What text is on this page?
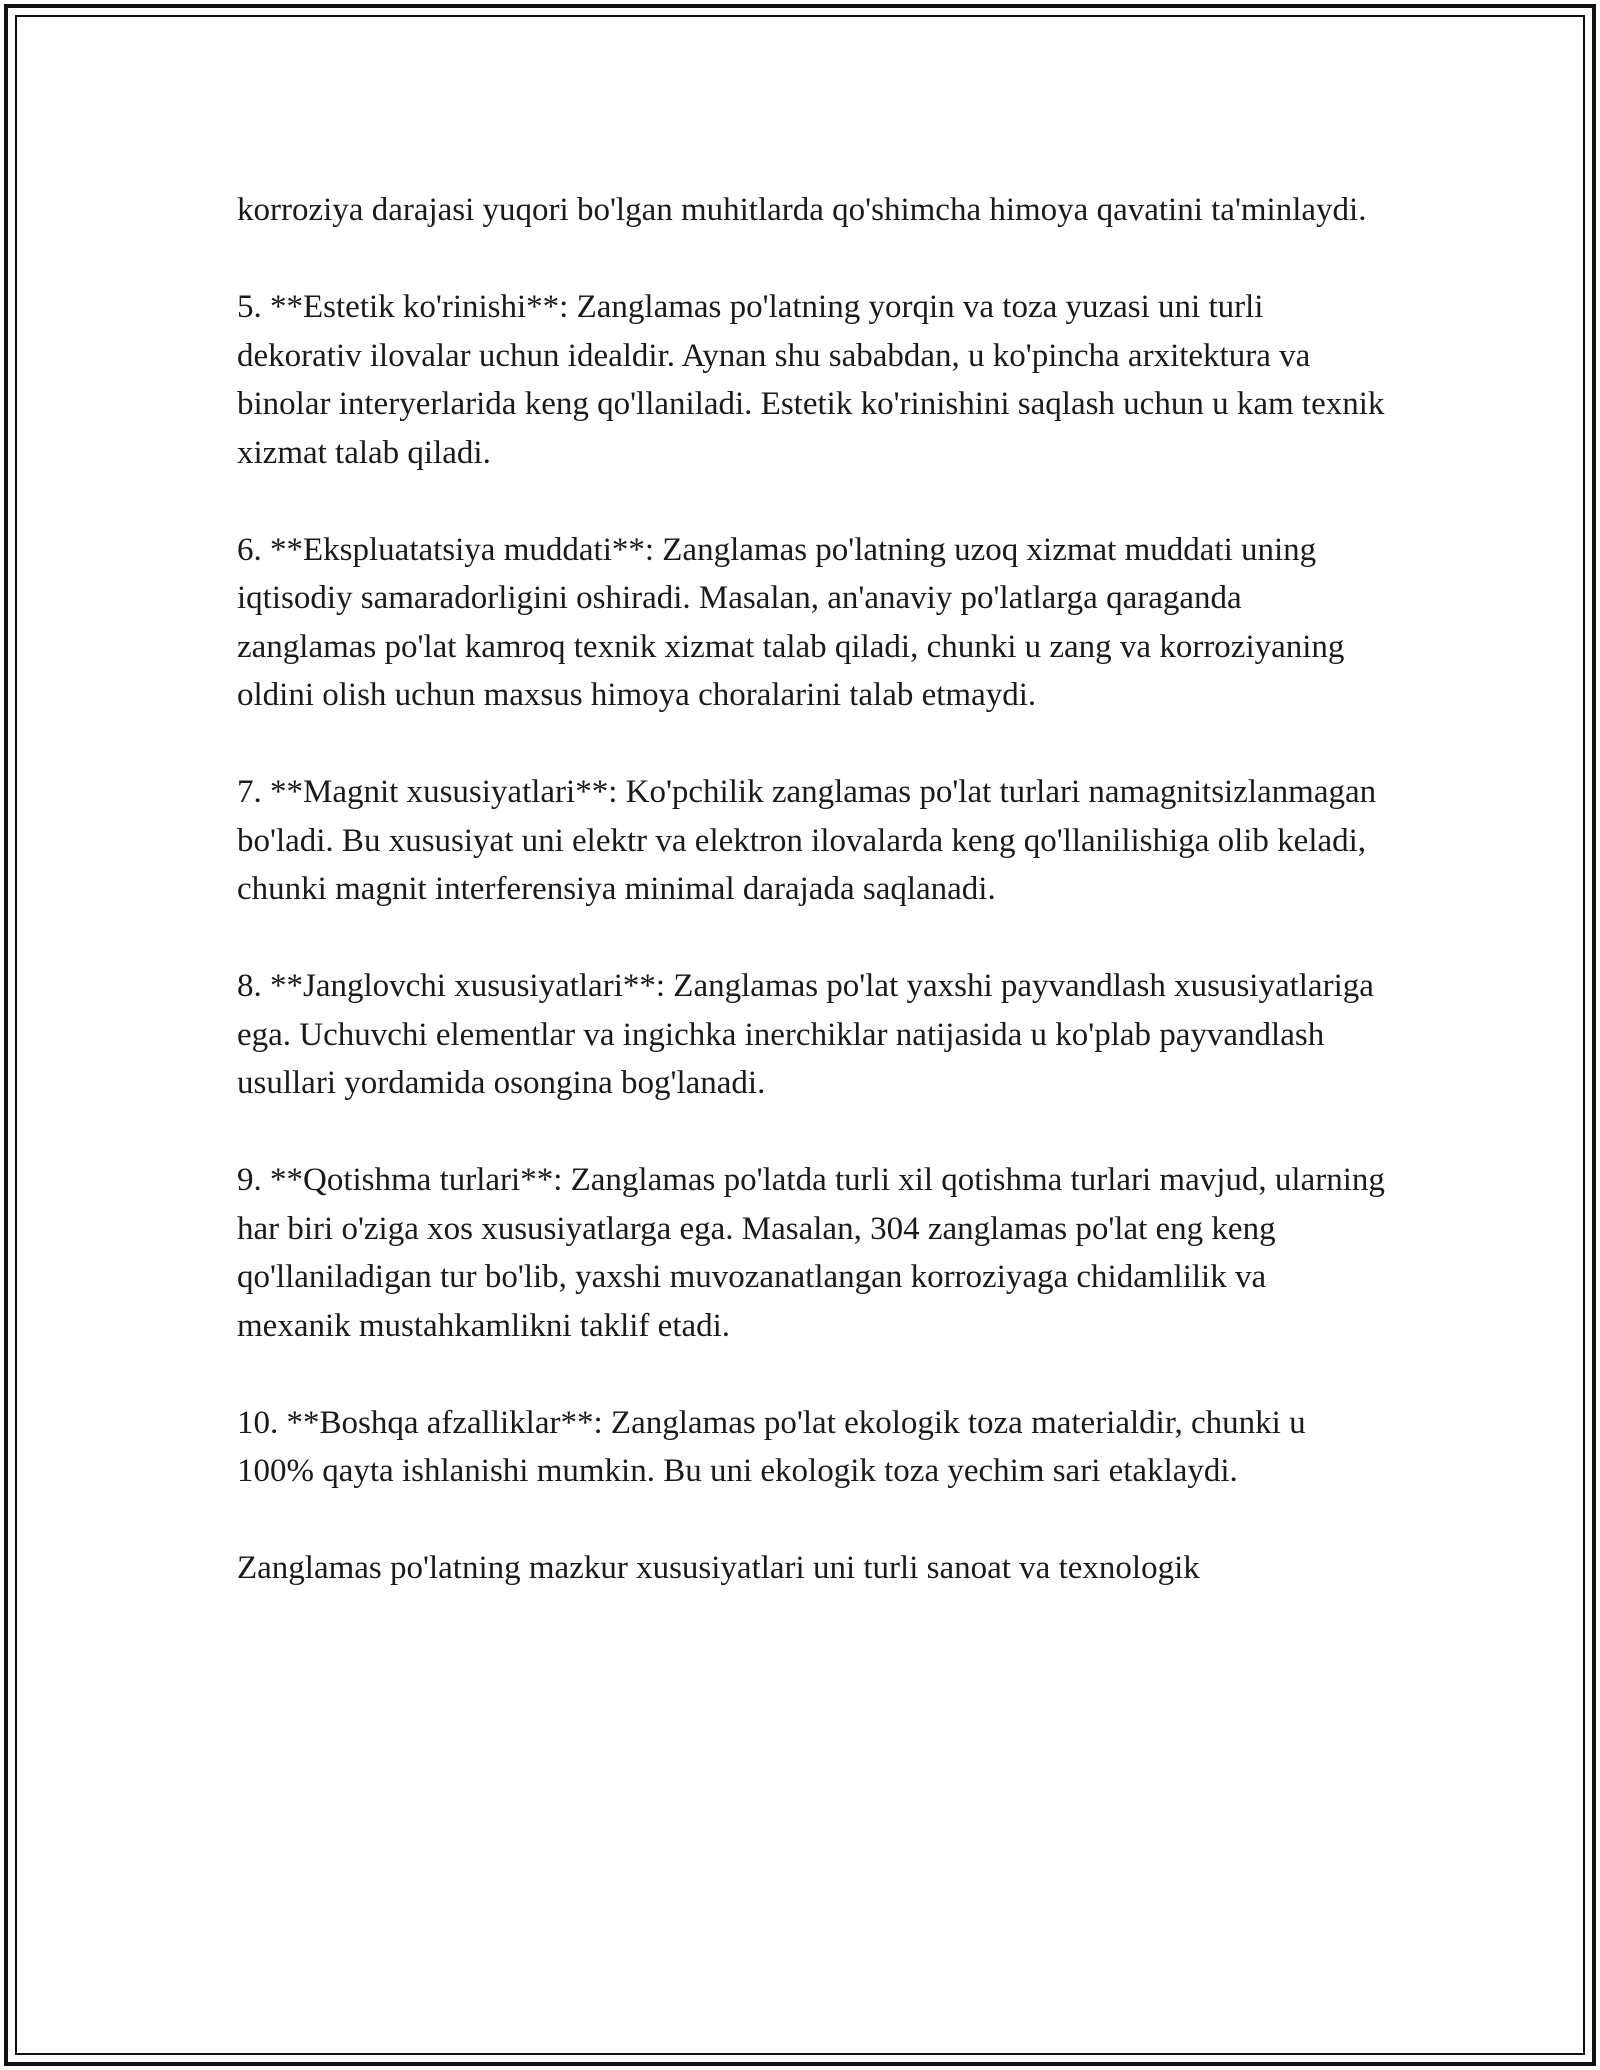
korroziya darajasi yuqori bo'lgan muhitlarda qo'shimcha himoya qavatini ta'minlaydi.

5. **Estetik ko'rinishi**: Zanglamas po'latning yorqin va toza yuzasi uni turli dekorativ ilovalar uchun idealdir. Aynan shu sababdan, u ko'pincha arxitektura va binolar interyerlarida keng qo'llaniladi. Estetik ko'rinishini saqlash uchun u kam texnik xizmat talab qiladi.

6. **Ekspluatatsiya muddati**: Zanglamas po'latning uzoq xizmat muddati uning iqtisodiy samaradorligini oshiradi. Masalan, an'anaviy po'latlarga qaraganda zanglamas po'lat kamroq texnik xizmat talab qiladi, chunki u zang va korroziyaning oldini olish uchun maxsus himoya choralarini talab etmaydi.

7. **Magnit xususiyatlari**: Ko'pchilik zanglamas po'lat turlari namagnitsizlanmagan bo'ladi. Bu xususiyat uni elektr va elektron ilovalarda keng qo'llanilishiga olib keladi, chunki magnit interferensiya minimal darajada saqlanadi.

8. **Janglovchi xususiyatlari**: Zanglamas po'lat yaxshi payvandlash xususiyatlariga ega. Uchuvchi elementlar va ingichka inerchiklar natijasida u ko'plab payvandlash usullari yordamida osongina bog'lanadi.

9. **Qotishma turlari**: Zanglamas po'latda turli xil qotishma turlari mavjud, ularning har biri o'ziga xos xususiyatlarga ega. Masalan, 304 zanglamas po'lat eng keng qo'llaniladigan tur bo'lib, yaxshi muvozanatlangan korroziyaga chidamlilik va mexanik mustahkamlikni taklif etadi.

10. **Boshqa afzalliklar**: Zanglamas po'lat ekologik toza materialdir, chunki u 100% qayta ishlanishi mumkin. Bu uni ekologik toza yechim sari etaklaydi.

Zanglamas po'latning mazkur xususiyatlari uni turli sanoat va texnologik
